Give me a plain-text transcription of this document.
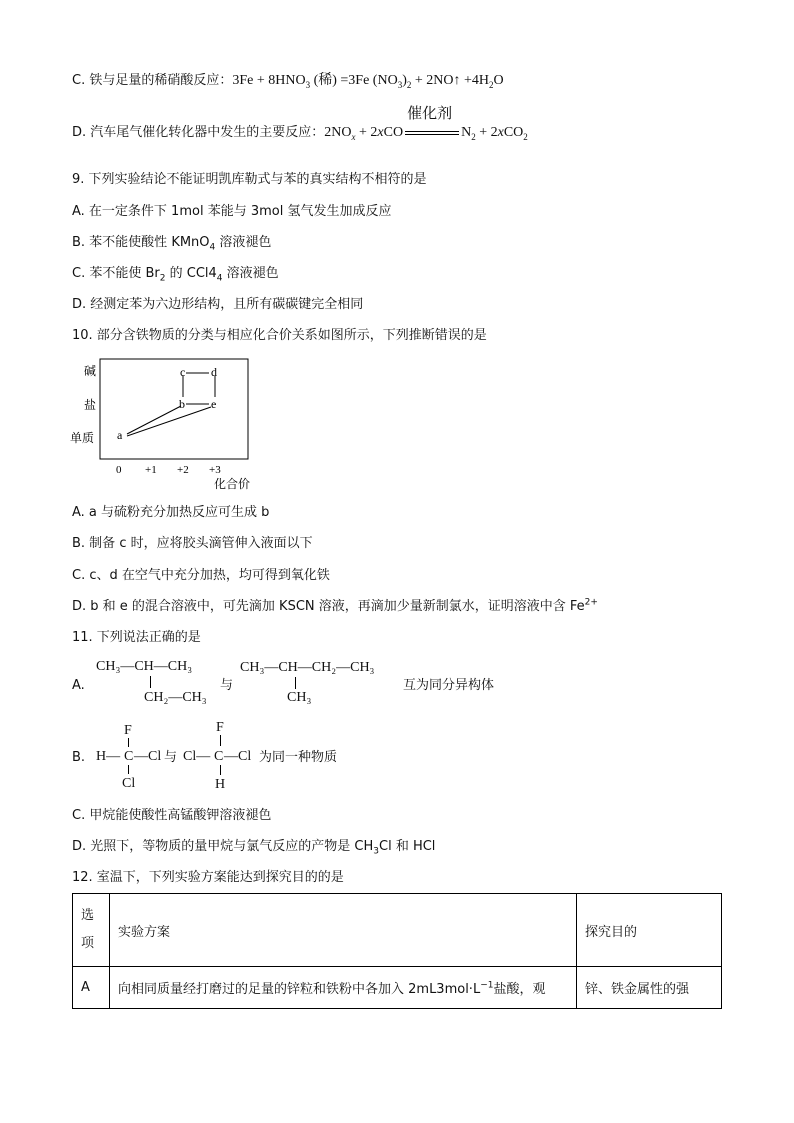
C. 铁与足量的稀硝酸反应：$3Fe + 8HNO_3$ (稀) =3Fe $(NO_3)_2$ + 2NO↑ $+4H_2O$
D. 汽车尾气催化转化器中发生的主要反应：$2NO_x + 2xCO$
催化剂
$N_2 + 2xCO_2$
9. 下列实验结论不能证明凯库勒式与苯的真实结构不相符的是
A. 在一定条件下 1mol 苯能与 3mol 氢气发生加成反应
B. 苯不能使酸性 KMnO$_4$ 溶液褪色
C. 苯不能使 $Br_2$ 的 $CCl4_4$ 溶液褪色
D. 经测定苯为六边形结构，且所有碳碳键完全相同
10. 部分含铁物质的分类与相应化合价关系如图所示，下列推断错误的是
碱
盐
单质
0 +1 +2 +3
化合价
a
b
c d
e
A. a 与硫粉充分加热反应可生成 b
B. 制备 c 时，应将胶头滴管伸入液面以下
C. c、d 在空气中充分加热，均可得到氧化铁
D. b 和 e 的混合溶液中，可先滴加 KSCN 溶液，再滴加少量新制氯水，证明溶液中含 $Fe^{2+}$
11. 下列说法正确的是
A.
CH₃—CH—CH₃
CH₂—CH₃
与
CH₃—CH—CH₂—CH₃
CH₃
互为同分异构体
B.
F
H— C —Cl
Cl
与
F
Cl— C —Cl
H
为同一种物质
C. 甲烷能使酸性高锰酸钾溶液褪色
D. 光照下，等物质的量甲烷与氯气反应的产物是 $CH_3Cl$ 和 HCl
12. 室温下，下列实验方案能达到探究目的的是
选项	实验方案	探究目的
A	向相同质量经打磨过的足量的锌粒和铁粉中各加入 $2mL3mol\cdot L^{-1}$盐酸，观	锌、铁金属性的强
